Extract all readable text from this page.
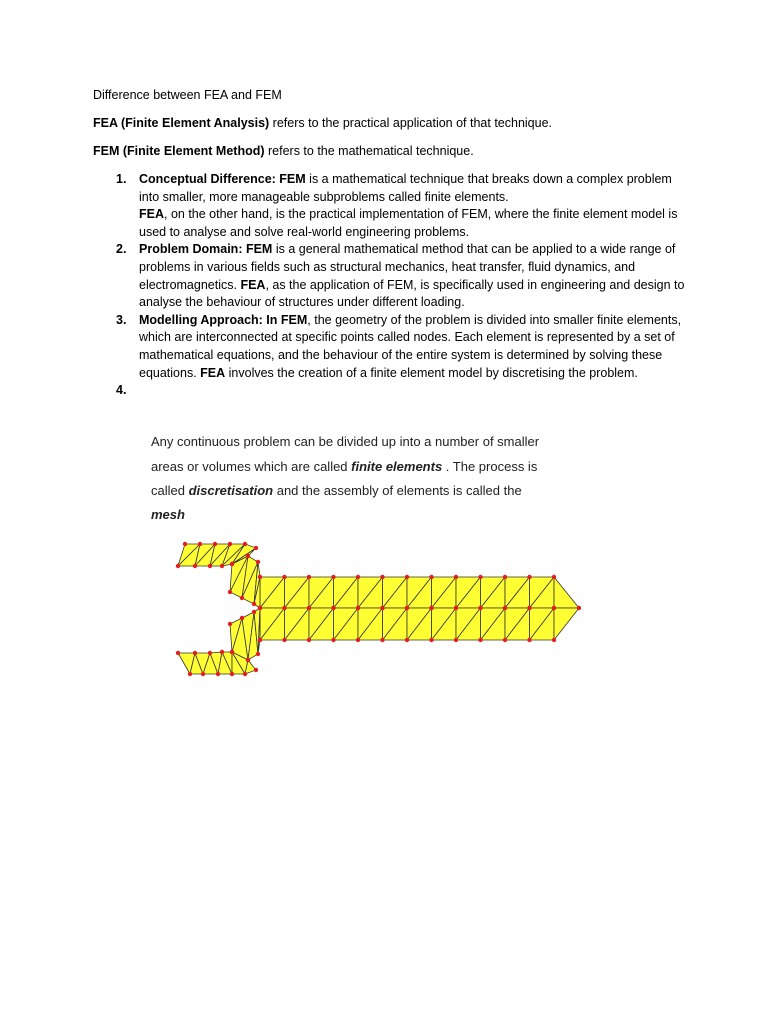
Difference between FEA and FEM
FEA (Finite Element Analysis) refers to the practical application of that technique.
FEM (Finite Element Method) refers to the mathematical technique.
1. Conceptual Difference: FEM is a mathematical technique that breaks down a complex problem into smaller, more manageable subproblems called finite elements.
FEA, on the other hand, is the practical implementation of FEM, where the finite element model is used to analyse and solve real-world engineering problems.
2. Problem Domain: FEM is a general mathematical method that can be applied to a wide range of problems in various fields such as structural mechanics, heat transfer, fluid dynamics, and electromagnetics. FEA, as the application of FEM, is specifically used in engineering and design to analyse the behaviour of structures under different loading.
3. Modelling Approach: In FEM, the geometry of the problem is divided into smaller finite elements, which are interconnected at specific points called nodes. Each element is represented by a set of mathematical equations, and the behaviour of the entire system is determined by solving these equations. FEA involves the creation of a finite element model by discretising the problem.
4.

Any continuous problem can be divided up into a number of smaller
areas or volumes which are called finite elements . The process is
called discretisation and the assembly of elements is called the
mesh
